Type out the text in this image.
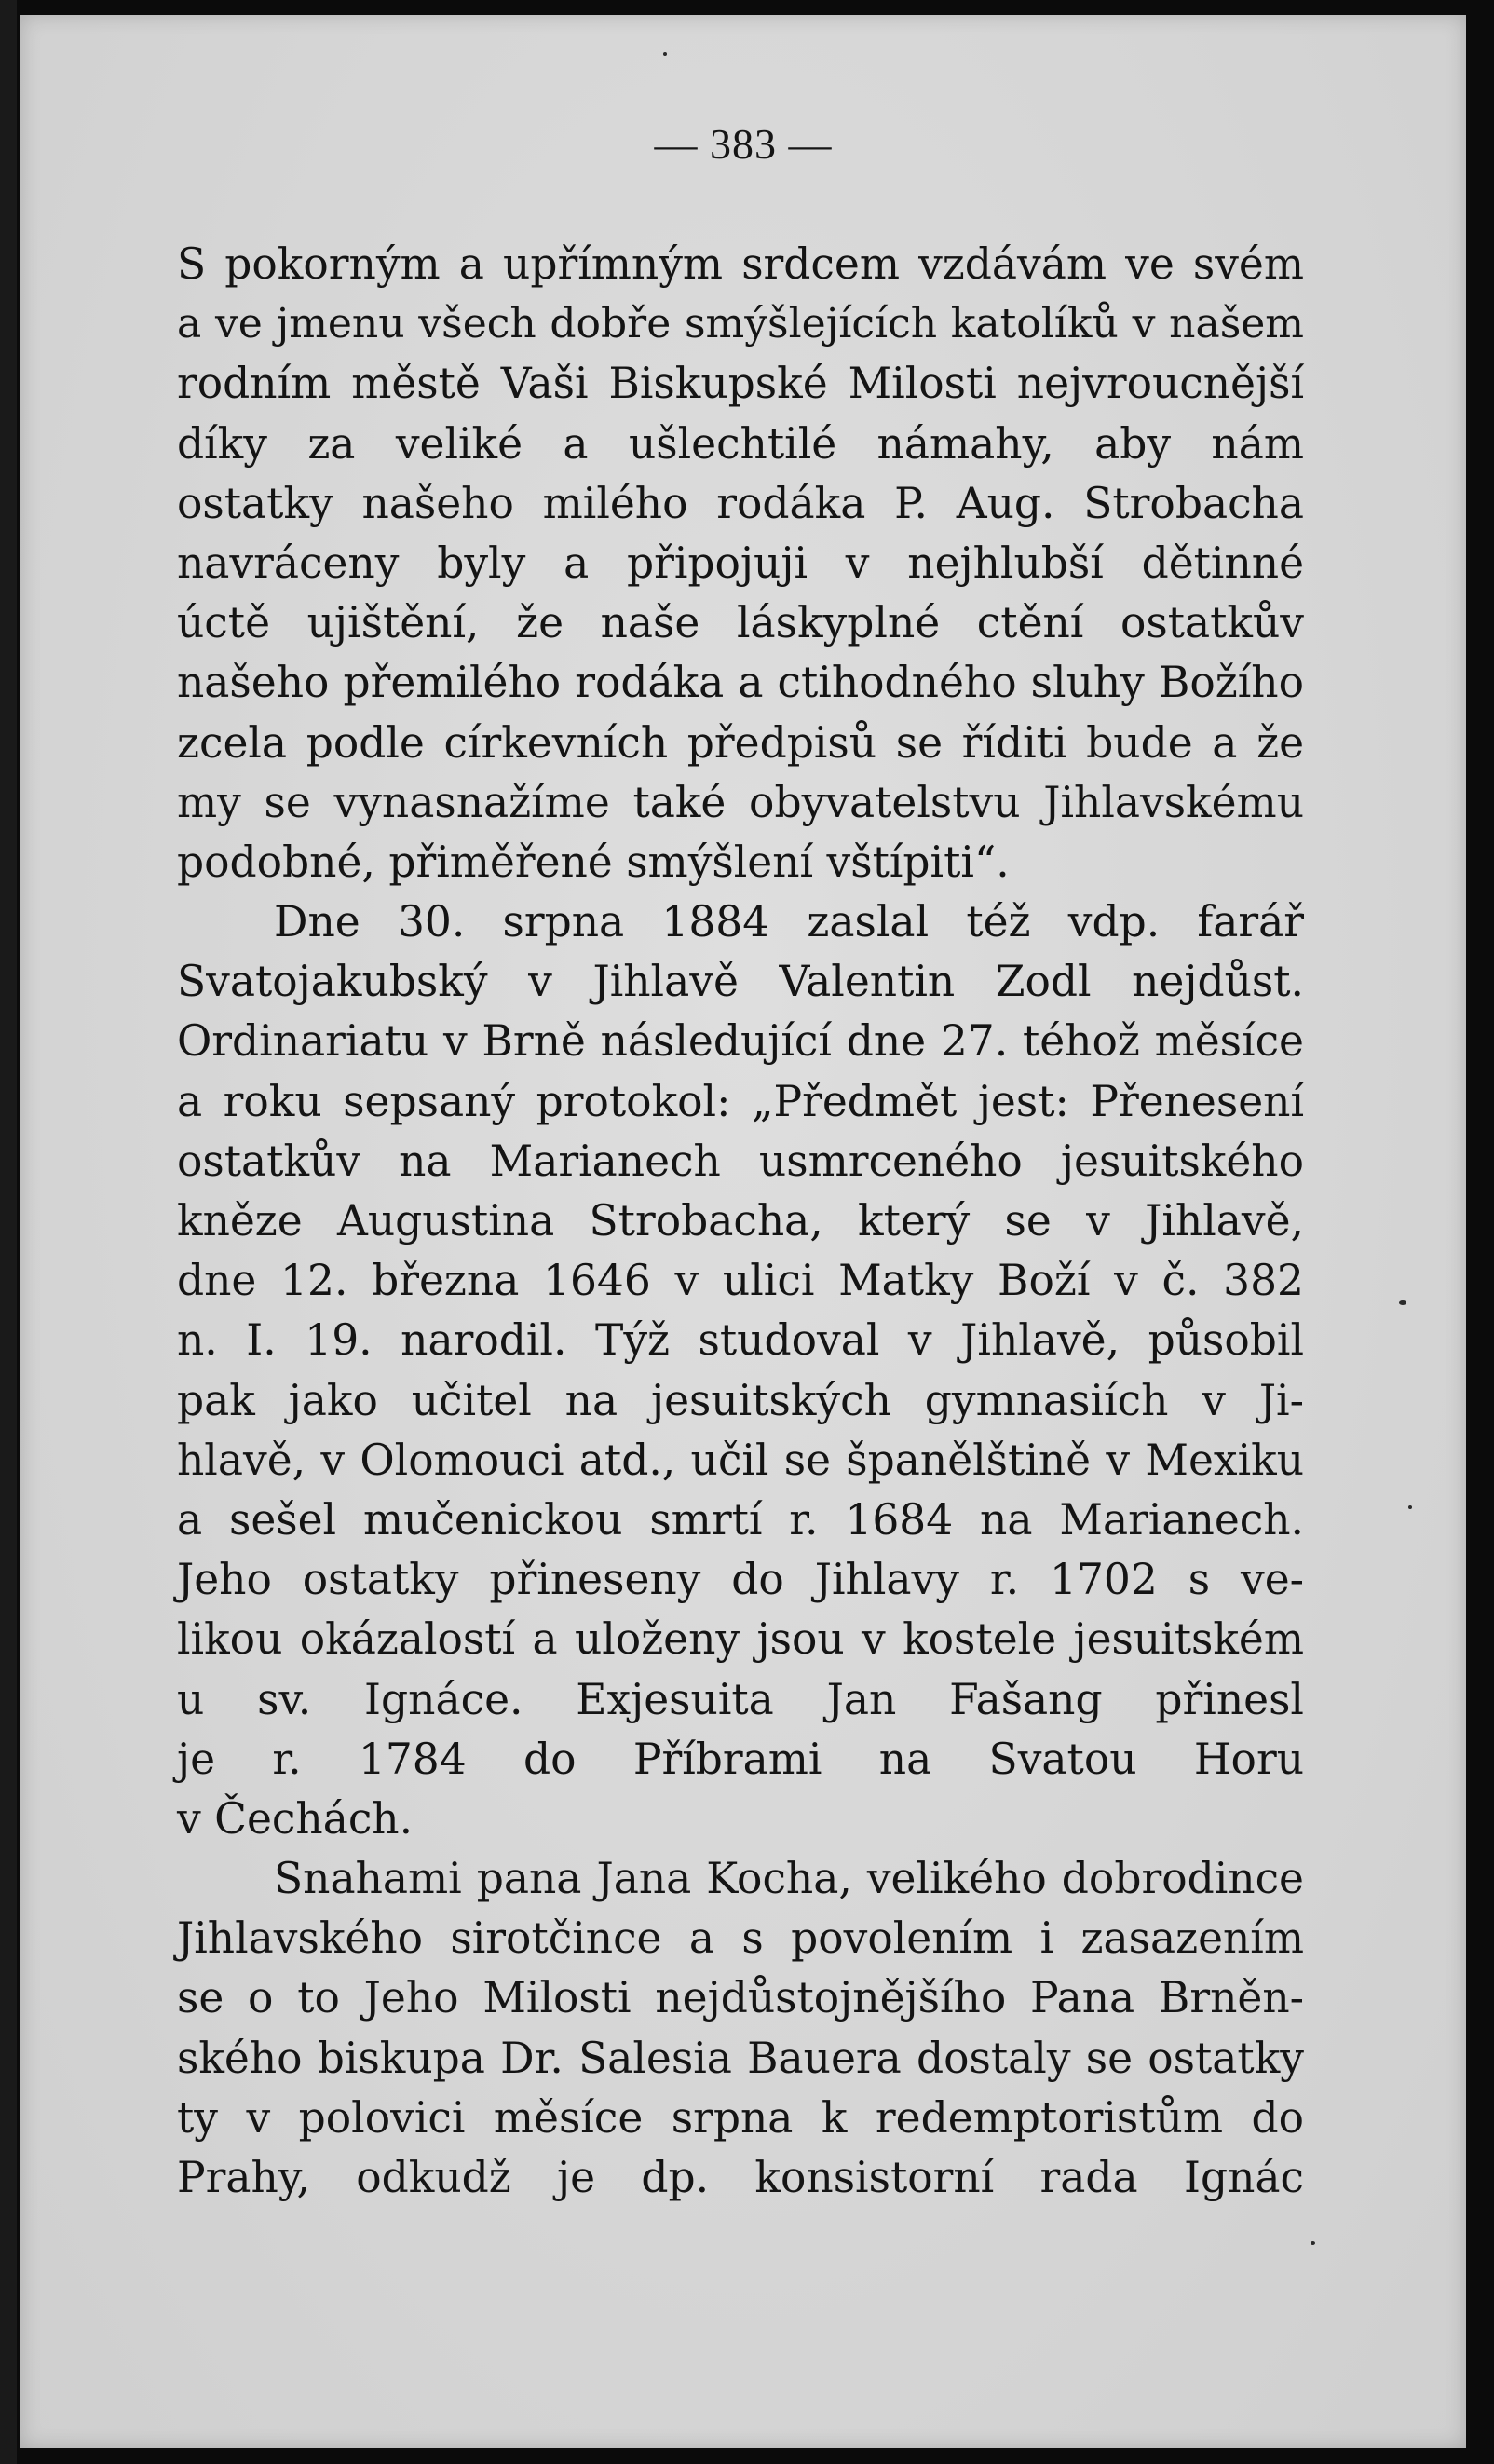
— 383 —

S pokorným a upřímným srdcem vzdávám ve svém
a ve jmenu všech dobře smýšlejících katolíků v našem
rodním městě Vaši Biskupské Milosti nejvroucnější
díky za veliké a ušlechtilé námahy, aby nám
ostatky našeho milého rodáka P. Aug. Strobacha
navráceny byly a připojuji v nejhlubší dětinné
úctě ujištění, že naše láskyplné ctění ostatkův
našeho přemilého rodáka a ctihodného sluhy Božího
zcela podle církevních předpisů se říditi bude a že
my se vynasnažíme také obyvatelstvu Jihlavskému
podobné, přiměřené smýšlení vštípiti“.
Dne 30. srpna 1884 zaslal též vdp. farář
Svatojakubský v Jihlavě Valentin Zodl nejdůst.
Ordinariatu v Brně následující dne 27. téhož měsíce
a roku sepsaný protokol: „Předmět jest: Přenesení
ostatkův na Marianech usmrceného jesuitského
kněze Augustina Strobacha, který se v Jihlavě,
dne 12. března 1646 v ulici Matky Boží v č. 382
n. I. 19. narodil. Týž studoval v Jihlavě, působil
pak jako učitel na jesuitských gymnasiích v Ji-
hlavě, v Olomouci atd., učil se španělštině v Mexiku
a sešel mučenickou smrtí r. 1684 na Marianech.
Jeho ostatky přineseny do Jihlavy r. 1702 s ve-
likou okázalostí a uloženy jsou v kostele jesuitském
u sv. Ignáce. Exjesuita Jan Fašang přinesl
je r. 1784 do Příbrami na Svatou Horu
v Čechách.
Snahami pana Jana Kocha, velikého dobrodince
Jihlavského sirotčince a s povolením i zasazením
se o to Jeho Milosti nejdůstojnějšího Pana Brněn-
ského biskupa Dr. Salesia Bauera dostaly se ostatky
ty v polovici měsíce srpna k redemptoristům do
Prahy, odkudž je dp. konsistorní rada Ignác
